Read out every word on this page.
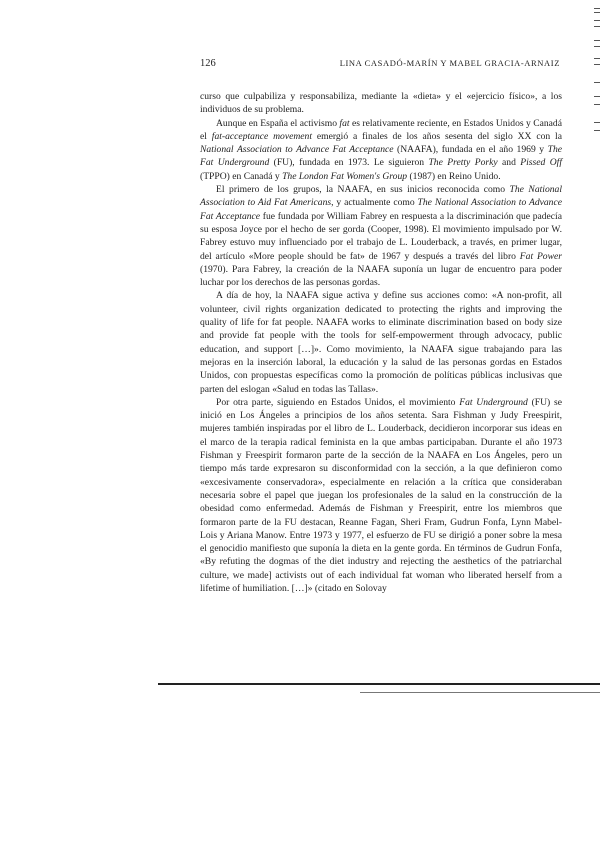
126	LINA CASADÓ-MARÍN Y MABEL GRACIA-ARNAIZ

curso que culpabiliza y responsabiliza, mediante la «dieta» y el «ejercicio físico», a los individuos de su problema.

Aunque en España el activismo fat es relativamente reciente, en Estados Unidos y Canadá el fat-acceptance movement emergió a finales de los años sesenta del siglo XX con la National Association to Advance Fat Acceptance (NAAFA), fundada en el año 1969 y The Fat Underground (FU), fundada en 1973. Le siguieron The Pretty Porky and Pissed Off (TPPO) en Canadá y The London Fat Women's Group (1987) en Reino Unido.

El primero de los grupos, la NAAFA, en sus inicios reconocida como The National Association to Aid Fat Americans, y actualmente como The National Association to Advance Fat Acceptance fue fundada por William Fabrey en respuesta a la discriminación que padecía su esposa Joyce por el hecho de ser gorda (Cooper, 1998). El movimiento impulsado por W. Fabrey estuvo muy influenciado por el trabajo de L. Louderback, a través, en primer lugar, del artículo «More people should be fat» de 1967 y después a través del libro Fat Power (1970). Para Fabrey, la creación de la NAAFA suponía un lugar de encuentro para poder luchar por los derechos de las personas gordas.

A día de hoy, la NAAFA sigue activa y define sus acciones como: «A non-profit, all volunteer, civil rights organization dedicated to protecting the rights and improving the quality of life for fat people. NAAFA works to eliminate discrimination based on body size and provide fat people with the tools for self-empowerment through advocacy, public education, and support […]». Como movimiento, la NAAFA sigue trabajando para las mejoras en la inserción laboral, la educación y la salud de las personas gordas en Estados Unidos, con propuestas específicas como la promoción de políticas públicas inclusivas que parten del eslogan «Salud en todas las Tallas».

Por otra parte, siguiendo en Estados Unidos, el movimiento Fat Underground (FU) se inició en Los Ángeles a principios de los años setenta. Sara Fishman y Judy Freespirit, mujeres también inspiradas por el libro de L. Louderback, decidieron incorporar sus ideas en el marco de la terapia radical feminista en la que ambas participaban. Durante el año 1973 Fishman y Freespirit formaron parte de la sección de la NAAFA en Los Ángeles, pero un tiempo más tarde expresaron su disconformidad con la sección, a la que definieron como «excesivamente conservadora», especialmente en relación a la crítica que consideraban necesaria sobre el papel que juegan los profesionales de la salud en la construcción de la obesidad como enfermedad. Además de Fishman y Freespirit, entre los miembros que formaron parte de la FU destacan, Reanne Fagan, Sheri Fram, Gudrun Fonfa, Lynn Mabel-Lois y Ariana Manow. Entre 1973 y 1977, el esfuerzo de FU se dirigió a poner sobre la mesa el genocidio manifiesto que suponía la dieta en la gente gorda. En términos de Gudrun Fonfa, «By refuting the dogmas of the diet industry and rejecting the aesthetics of the patriarchal culture, we made] activists out of each individual fat woman who liberated herself from a lifetime of humiliation. […]» (citado en Solovay
